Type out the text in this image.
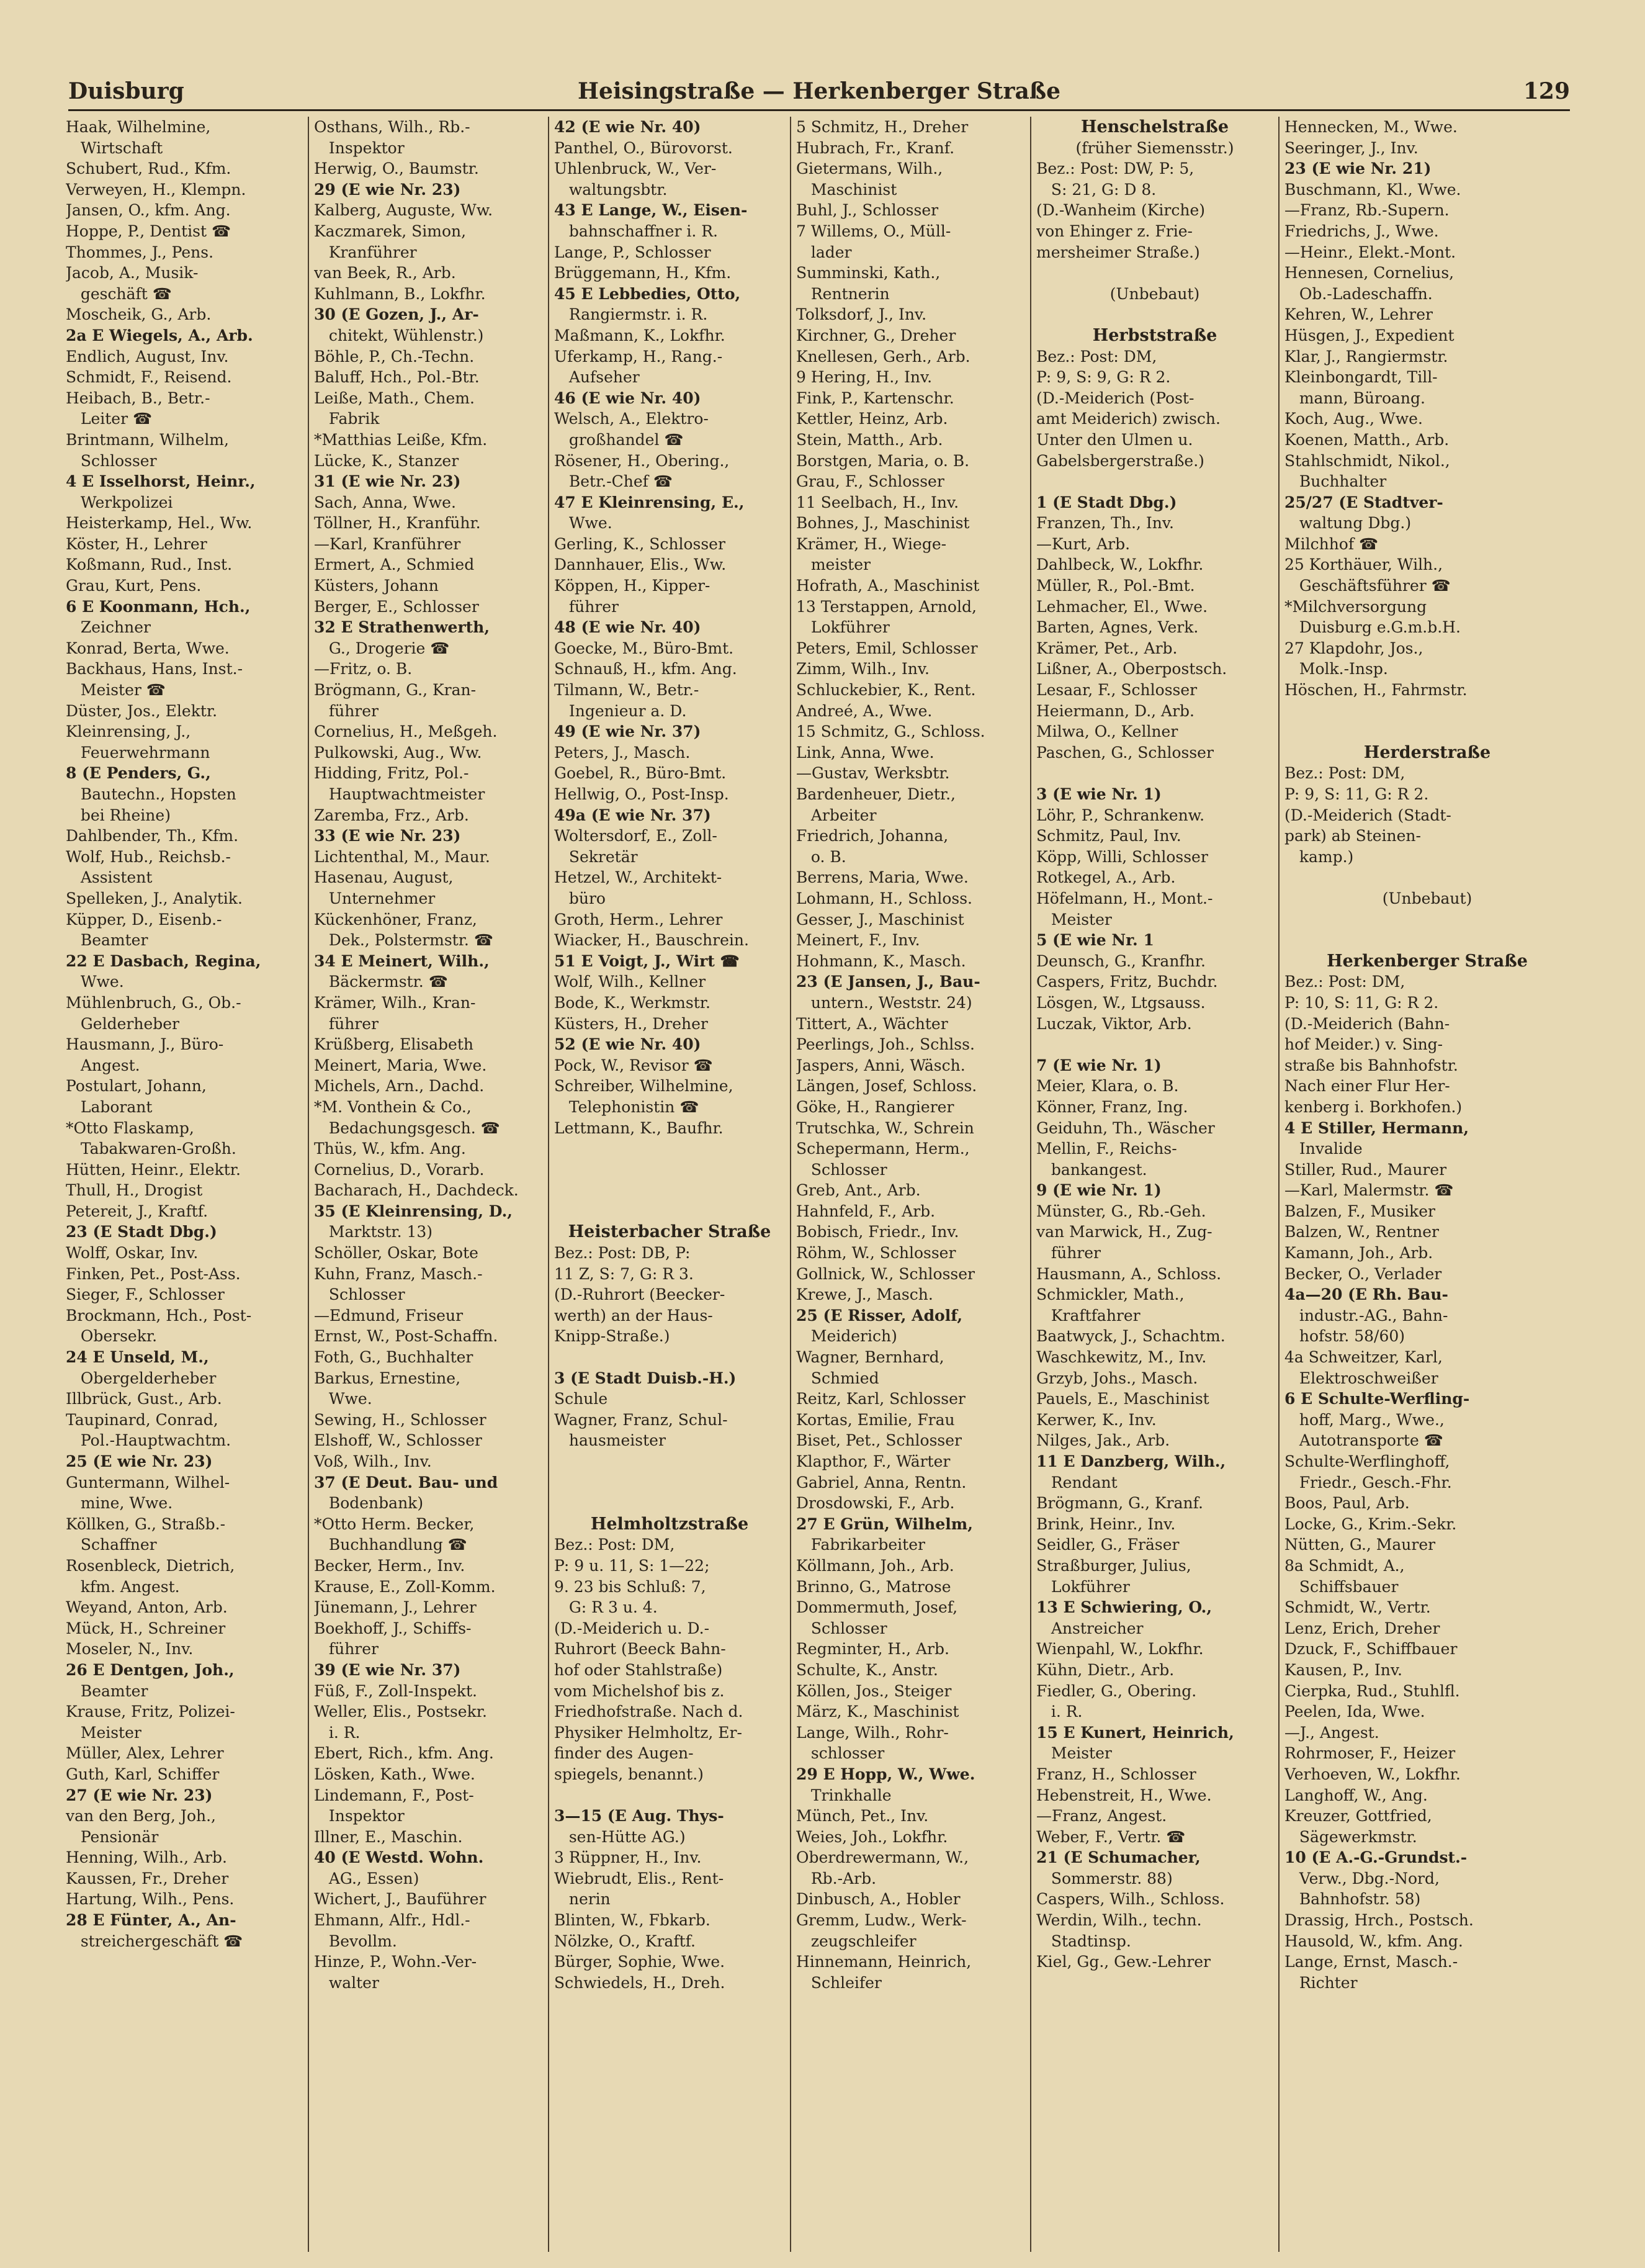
Duisburg	Heisingstraße — Herkenberger Straße	129
Haak, Wilhelmine,
Wirtschaft
Schubert, Rud., Kfm.
Verweyen, H., Klempn.
Jansen, O., kfm. Ang.
Hoppe, P., Dentist ☎
Thommes, J., Pens.
Jacob, A., Musik-
geschäft ☎
Moscheik, G., Arb.
2a E Wiegels, A., Arb.
Endlich, August, Inv.
Schmidt, F., Reisend.
Heibach, B., Betr.-
Leiter ☎
Brintmann, Wilhelm,
Schlosser
4 E Isselhorst, Heinr.,
Werkpolizei
Heisterkamp, Hel., Ww.
Köster, H., Lehrer
Koßmann, Rud., Inst.
Grau, Kurt, Pens.
6 E Koonmann, Hch.,
Zeichner
Konrad, Berta, Wwe.
Backhaus, Hans, Inst.-
Meister ☎
Düster, Jos., Elektr.
Kleinrensing, J.,
Feuerwehrmann
8 (E Penders, G.,
Bautechn., Hopsten
bei Rheine)
Dahlbender, Th., Kfm.
Wolf, Hub., Reichsb.-
Assistent
Spelleken, J., Analytik.
Küpper, D., Eisenb.-
Beamter
22 E Dasbach, Regina,
Wwe.
Mühlenbruch, G., Ob.-
Gelderheber
Hausmann, J., Büro-
Angest.
Postulart, Johann,
Laborant
*Otto Flaskamp,
Tabakwaren-Großh.
Hütten, Heinr., Elektr.
Thull, H., Drogist
Petereit, J., Kraftf.
23 (E Stadt Dbg.)
Wolff, Oskar, Inv.
Finken, Pet., Post-Ass.
Sieger, F., Schlosser
Brockmann, Hch., Post-
Obersekr.
24 E Unseld, M.,
Obergelderheber
Illbrück, Gust., Arb.
Taupinard, Conrad,
Pol.-Hauptwachtm.
25 (E wie Nr. 23)
Guntermann, Wilhel-
mine, Wwe.
Köllken, G., Straßb.-
Schaffner
Rosenbleck, Dietrich,
kfm. Angest.
Weyand, Anton, Arb.
Mück, H., Schreiner
Moseler, N., Inv.
26 E Dentgen, Joh.,
Beamter
Krause, Fritz, Polizei-
Meister
Müller, Alex, Lehrer
Guth, Karl, Schiffer
27 (E wie Nr. 23)
van den Berg, Joh.,
Pensionär
Henning, Wilh., Arb.
Kaussen, Fr., Dreher
Hartung, Wilh., Pens.
28 E Fünter, A., An-
streichergeschäft ☎
Osthans, Wilh., Rb.-
Inspektor
Herwig, O., Baumstr.
29 (E wie Nr. 23)
Kalberg, Auguste, Ww.
Kaczmarek, Simon,
Kranführer
van Beek, R., Arb.
Kuhlmann, B., Lokfhr.
30 (E Gozen, J., Ar-
chitekt, Wühlenstr.)
Böhle, P., Ch.-Techn.
Baluff, Hch., Pol.-Btr.
Leiße, Math., Chem.
Fabrik
*Matthias Leiße, Kfm.
Lücke, K., Stanzer
31 (E wie Nr. 23)
Sach, Anna, Wwe.
Töllner, H., Kranführ.
—Karl, Kranführer
Ermert, A., Schmied
Küsters, Johann
Berger, E., Schlosser
32 E Strathenwerth,
G., Drogerie ☎
—Fritz, o. B.
Brögmann, G., Kran-
führer
Cornelius, H., Meßgeh.
Pulkowski, Aug., Ww.
Hidding, Fritz, Pol.-
Hauptwachtmeister
Zaremba, Frz., Arb.
33 (E wie Nr. 23)
Lichtenthal, M., Maur.
Hasenau, August,
Unternehmer
Kückenhöner, Franz,
Dek., Polstermstr. ☎
34 E Meinert, Wilh.,
Bäckermstr. ☎
Krämer, Wilh., Kran-
führer
Krüßberg, Elisabeth
Meinert, Maria, Wwe.
Michels, Arn., Dachd.
*M. Vonthein & Co.,
Bedachungsgesch. ☎
Thüs, W., kfm. Ang.
Cornelius, D., Vorarb.
Bacharach, H., Dachdeck.
35 (E Kleinrensing, D.,
Marktstr. 13)
Schöller, Oskar, Bote
Kuhn, Franz, Masch.-
Schlosser
—Edmund, Friseur
Ernst, W., Post-Schaffn.
Foth, G., Buchhalter
Barkus, Ernestine,
Wwe.
Sewing, H., Schlosser
Elshoff, W., Schlosser
Voß, Wilh., Inv.
37 (E Deut. Bau- und
Bodenbank)
*Otto Herm. Becker,
Buchhandlung ☎
Becker, Herm., Inv.
Krause, E., Zoll-Komm.
Jünemann, J., Lehrer
Boekhoff, J., Schiffs-
führer
39 (E wie Nr. 37)
Füß, F., Zoll-Inspekt.
Weller, Elis., Postsekr.
i. R.
Ebert, Rich., kfm. Ang.
Lösken, Kath., Wwe.
Lindemann, F., Post-
Inspektor
Illner, E., Maschin.
40 (E Westd. Wohn.
AG., Essen)
Wichert, J., Bauführer
Ehmann, Alfr., Hdl.-
Bevollm.
Hinze, P., Wohn.-Ver-
walter
42 (E wie Nr. 40)
Panthel, O., Bürovorst.
Uhlenbruck, W., Ver-
waltungsbtr.
43 E Lange, W., Eisen-
bahnschaffner i. R.
Lange, P., Schlosser
Brüggemann, H., Kfm.
45 E Lebbedies, Otto,
Rangiermstr. i. R.
Maßmann, K., Lokfhr.
Uferkamp, H., Rang.-
Aufseher
46 (E wie Nr. 40)
Welsch, A., Elektro-
großhandel ☎
Rösener, H., Obering.,
Betr.-Chef ☎
47 E Kleinrensing, E.,
Wwe.
Gerling, K., Schlosser
Dannhauer, Elis., Ww.
Köppen, H., Kipper-
führer
48 (E wie Nr. 40)
Goecke, M., Büro-Bmt.
Schnauß, H., kfm. Ang.
Tilmann, W., Betr.-
Ingenieur a. D.
49 (E wie Nr. 37)
Peters, J., Masch.
Goebel, R., Büro-Bmt.
Hellwig, O., Post-Insp.
49a (E wie Nr. 37)
Woltersdorf, E., Zoll-
Sekretär
Hetzel, W., Architekt-
büro
Groth, Herm., Lehrer
Wiacker, H., Bauschrein.
51 E Voigt, J., Wirt ☎
Wolf, Wilh., Kellner
Bode, K., Werkmstr.
Küsters, H., Dreher
52 (E wie Nr. 40)
Pock, W., Revisor ☎
Schreiber, Wilhelmine,
Telephonistin ☎
Lettmann, K., Baufhr.
Heisterbacher Straße
Bez.: Post: DB, P:
11 Z, S: 7, G: R 3.
(D.-Ruhrort (Beecker-
werth) an der Haus-
Knipp-Straße.)
3 (E Stadt Duisb.-H.)
Schule
Wagner, Franz, Schul-
hausmeister
Helmholtzstraße
Bez.: Post: DM,
P: 9 u. 11, S: 1—22;
9. 23 bis Schluß: 7,
G: R 3 u. 4.
(D.-Meiderich u. D.-
Ruhrort (Beeck Bahn-
hof oder Stahlstraße)
vom Michelshof bis z.
Friedhofstraße. Nach d.
Physiker Helmholtz, Er-
finder des Augen-
spiegels, benannt.)
3—15 (E Aug. Thys-
sen-Hütte AG.)
3 Rüppner, H., Inv.
Wiebrudt, Elis., Rent-
nerin
Blinten, W., Fbkarb.
Nölzke, O., Kraftf.
Bürger, Sophie, Wwe.
Schwiedels, H., Dreh.
5 Schmitz, H., Dreher
Hubrach, Fr., Kranf.
Gietermans, Wilh.,
Maschinist
Buhl, J., Schlosser
7 Willems, O., Müll-
lader
Summinski, Kath.,
Rentnerin
Tolksdorf, J., Inv.
Kirchner, G., Dreher
Knellesen, Gerh., Arb.
9 Hering, H., Inv.
Fink, P., Kartenschr.
Kettler, Heinz, Arb.
Stein, Matth., Arb.
Borstgen, Maria, o. B.
Grau, F., Schlosser
11 Seelbach, H., Inv.
Bohnes, J., Maschinist
Krämer, H., Wiege-
meister
Hofrath, A., Maschinist
13 Terstappen, Arnold,
Lokführer
Peters, Emil, Schlosser
Zimm, Wilh., Inv.
Schluckebier, K., Rent.
Andreé, A., Wwe.
15 Schmitz, G., Schloss.
Link, Anna, Wwe.
—Gustav, Werksbtr.
Bardenheuer, Dietr.,
Arbeiter
Friedrich, Johanna,
o. B.
Berrens, Maria, Wwe.
Lohmann, H., Schloss.
Gesser, J., Maschinist
Meinert, F., Inv.
Hohmann, K., Masch.
23 (E Jansen, J., Bau-
untern., Weststr. 24)
Tittert, A., Wächter
Peerlings, Joh., Schlss.
Jaspers, Anni, Wäsch.
Längen, Josef, Schloss.
Göke, H., Rangierer
Trutschka, W., Schrein
Schepermann, Herm.,
Schlosser
Greb, Ant., Arb.
Hahnfeld, F., Arb.
Bobisch, Friedr., Inv.
Röhm, W., Schlosser
Gollnick, W., Schlosser
Krewe, J., Masch.
25 (E Risser, Adolf,
Meiderich)
Wagner, Bernhard,
Schmied
Reitz, Karl, Schlosser
Kortas, Emilie, Frau
Biset, Pet., Schlosser
Klapthor, F., Wärter
Gabriel, Anna, Rentn.
Drosdowski, F., Arb.
27 E Grün, Wilhelm,
Fabrikarbeiter
Köllmann, Joh., Arb.
Brinno, G., Matrose
Dommermuth, Josef,
Schlosser
Regminter, H., Arb.
Schulte, K., Anstr.
Köllen, Jos., Steiger
März, K., Maschinist
Lange, Wilh., Rohr-
schlosser
29 E Hopp, W., Wwe.
Trinkhalle
Münch, Pet., Inv.
Weies, Joh., Lokfhr.
Oberdrewermann, W.,
Rb.-Arb.
Dinbusch, A., Hobler
Gremm, Ludw., Werk-
zeugschleifer
Hinnemann, Heinrich,
Schleifer
Henschelstraße
(früher Siemensstr.)
Bez.: Post: DW, P: 5,
S: 21, G: D 8.
(D.-Wanheim (Kirche)
von Ehinger z. Frie-
mersheimer Straße.)
(Unbebaut)
Herbststraße
Bez.: Post: DM,
P: 9, S: 9, G: R 2.
(D.-Meiderich (Post-
amt Meiderich) zwisch.
Unter den Ulmen u.
Gabelsbergerstraße.)
1 (E Stadt Dbg.)
Franzen, Th., Inv.
—Kurt, Arb.
Dahlbeck, W., Lokfhr.
Müller, R., Pol.-Bmt.
Lehmacher, El., Wwe.
Barten, Agnes, Verk.
Krämer, Pet., Arb.
Lißner, A., Oberpostsch.
Lesaar, F., Schlosser
Heiermann, D., Arb.
Milwa, O., Kellner
Paschen, G., Schlosser
3 (E wie Nr. 1)
Löhr, P., Schrankenw.
Schmitz, Paul, Inv.
Köpp, Willi, Schlosser
Rotkegel, A., Arb.
Höfelmann, H., Mont.-
Meister
5 (E wie Nr. 1
Deunsch, G., Kranfhr.
Caspers, Fritz, Buchdr.
Lösgen, W., Ltgsauss.
Luczak, Viktor, Arb.
7 (E wie Nr. 1)
Meier, Klara, o. B.
Könner, Franz, Ing.
Geiduhn, Th., Wäscher
Mellin, F., Reichs-
bankangest.
9 (E wie Nr. 1)
Münster, G., Rb.-Geh.
van Marwick, H., Zug-
führer
Hausmann, A., Schloss.
Schmickler, Math.,
Kraftfahrer
Baatwyck, J., Schachtm.
Waschkewitz, M., Inv.
Grzyb, Johs., Masch.
Pauels, E., Maschinist
Kerwer, K., Inv.
Nilges, Jak., Arb.
11 E Danzberg, Wilh.,
Rendant
Brögmann, G., Kranf.
Brink, Heinr., Inv.
Seidler, G., Fräser
Straßburger, Julius,
Lokführer
13 E Schwiering, O.,
Anstreicher
Wienpahl, W., Lokfhr.
Kühn, Dietr., Arb.
Fiedler, G., Obering.
i. R.
15 E Kunert, Heinrich,
Meister
Franz, H., Schlosser
Hebenstreit, H., Wwe.
—Franz, Angest.
Weber, F., Vertr. ☎
21 (E Schumacher,
Sommerstr. 88)
Caspers, Wilh., Schloss.
Werdin, Wilh., techn.
Stadtinsp.
Kiel, Gg., Gew.-Lehrer
Hennecken, M., Wwe.
Seeringer, J., Inv.
23 (E wie Nr. 21)
Buschmann, Kl., Wwe.
—Franz, Rb.-Supern.
Friedrichs, J., Wwe.
—Heinr., Elekt.-Mont.
Hennesen, Cornelius,
Ob.-Ladeschaffn.
Kehren, W., Lehrer
Hüsgen, J., Expedient
Klar, J., Rangiermstr.
Kleinbongardt, Till-
mann, Büroang.
Koch, Aug., Wwe.
Koenen, Matth., Arb.
Stahlschmidt, Nikol.,
Buchhalter
25/27 (E Stadtver-
waltung Dbg.)
Milchhof ☎
25 Korthäuer, Wilh.,
Geschäftsführer ☎
*Milchversorgung
Duisburg e.G.m.b.H.
27 Klapdohr, Jos.,
Molk.-Insp.
Höschen, H., Fahrmstr.
Herderstraße
Bez.: Post: DM,
P: 9, S: 11, G: R 2.
(D.-Meiderich (Stadt-
park) ab Steinen-
kamp.)
(Unbebaut)
Herkenberger Straße
Bez.: Post: DM,
P: 10, S: 11, G: R 2.
(D.-Meiderich (Bahn-
hof Meider.) v. Sing-
straße bis Bahnhofstr.
Nach einer Flur Her-
kenberg i. Borkhofen.)
4 E Stiller, Hermann,
Invalide
Stiller, Rud., Maurer
—Karl, Malermstr. ☎
Balzen, F., Musiker
Balzen, W., Rentner
Kamann, Joh., Arb.
Becker, O., Verlader
4a—20 (E Rh. Bau-
industr.-AG., Bahn-
hofstr. 58/60)
4a Schweitzer, Karl,
Elektroschweißer
6 E Schulte-Werfling-
hoff, Marg., Wwe.,
Autotransporte ☎
Schulte-Werflinghoff,
Friedr., Gesch.-Fhr.
Boos, Paul, Arb.
Locke, G., Krim.-Sekr.
Nütten, G., Maurer
8a Schmidt, A.,
Schiffsbauer
Schmidt, W., Vertr.
Lenz, Erich, Dreher
Dzuck, F., Schiffbauer
Kausen, P., Inv.
Cierpka, Rud., Stuhlfl.
Peelen, Ida, Wwe.
—J., Angest.
Rohrmoser, F., Heizer
Verhoeven, W., Lokfhr.
Langhoff, W., Ang.
Kreuzer, Gottfried,
Sägewerkmstr.
10 (E A.-G.-Grundst.-
Verw., Dbg.-Nord,
Bahnhofstr. 58)
Drassig, Hrch., Postsch.
Hausold, W., kfm. Ang.
Lange, Ernst, Masch.-
Richter
